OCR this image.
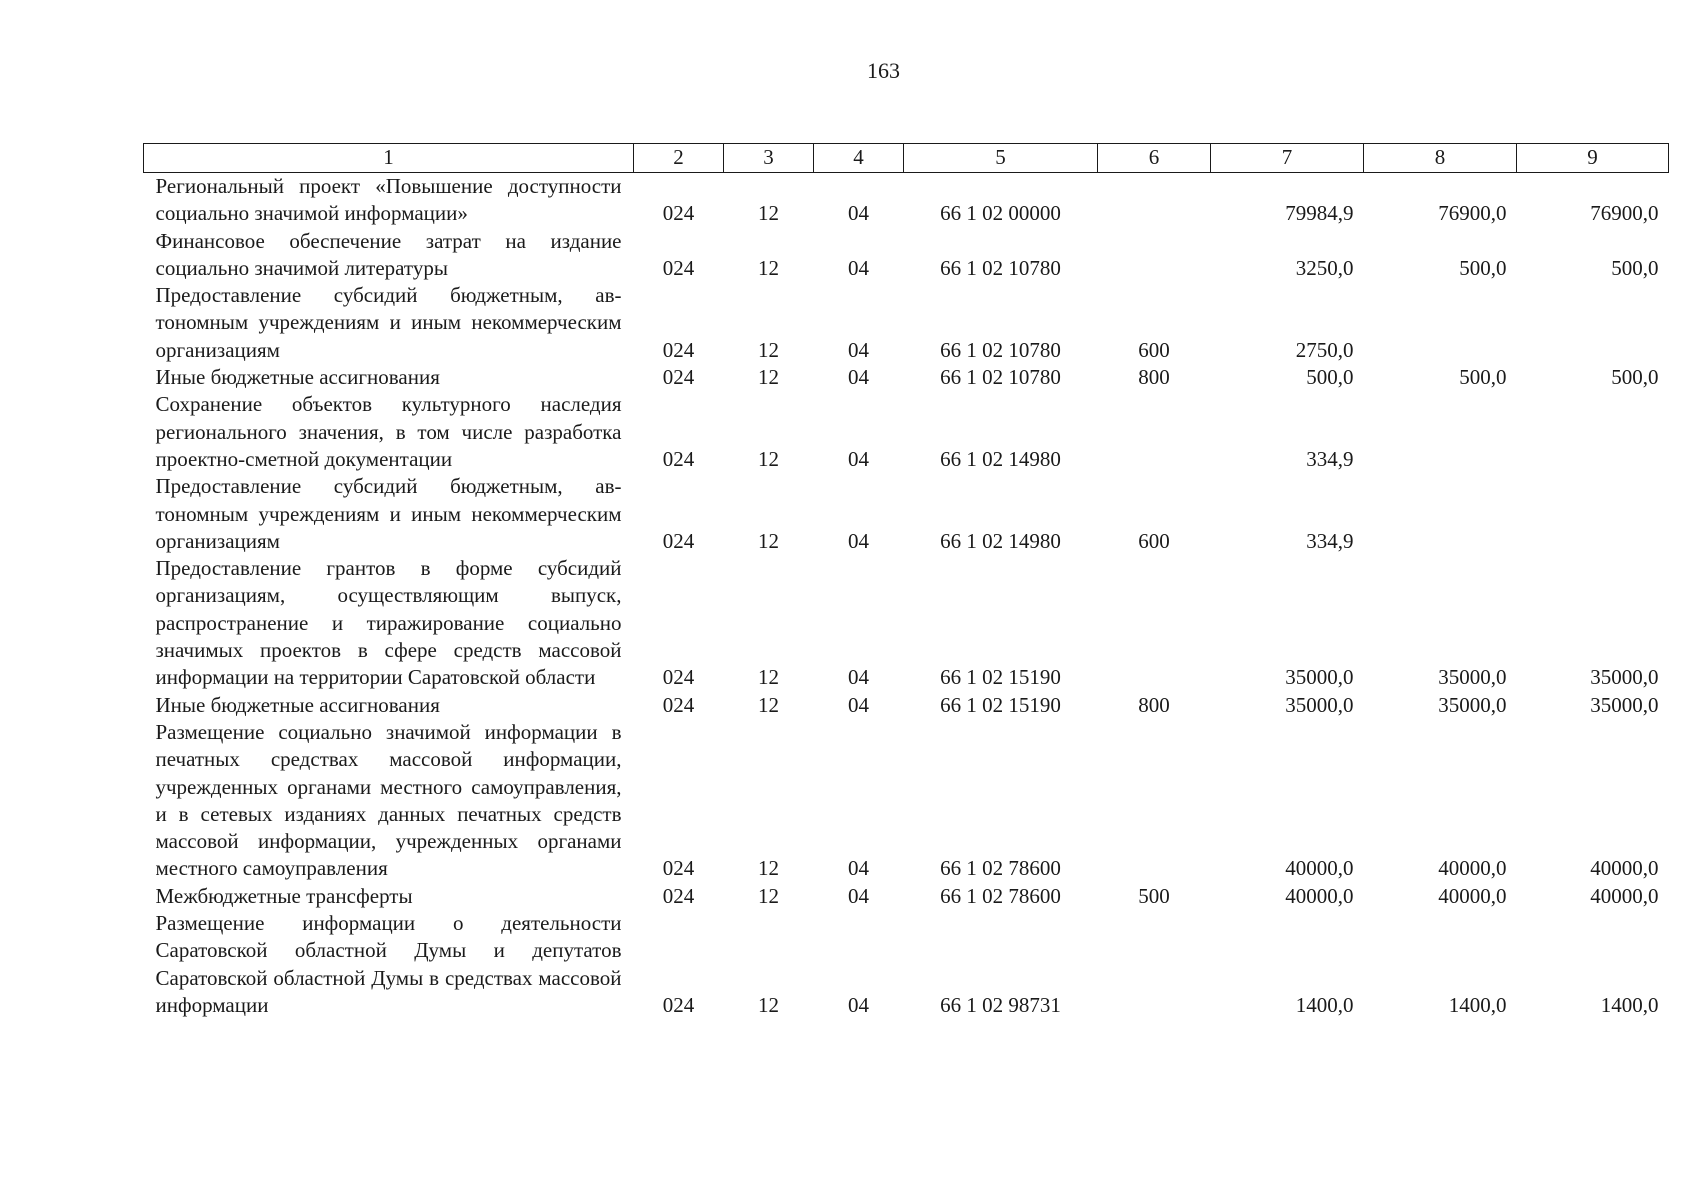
163
1	2	3	4	5	6	7	8	9
Региональный проект «Повышение доступности социально значимой информации»	024	12	04	66 1 02 00000		79984,9	76900,0	76900,0
Финансовое обеспечение затрат на издание социально значимой литературы	024	12	04	66 1 02 10780		3250,0	500,0	500,0
Предоставление субсидий бюджетным, автономным учреждениям и иным некоммерческим организациям	024	12	04	66 1 02 10780	600	2750,0		
Иные бюджетные ассигнования	024	12	04	66 1 02 10780	800	500,0	500,0	500,0
Сохранение объектов культурного наследия регионального значения, в том числе разработка проектно-сметной документации	024	12	04	66 1 02 14980		334,9		
Предоставление субсидий бюджетным, автономным учреждениям и иным некоммерческим организациям	024	12	04	66 1 02 14980	600	334,9		
Предоставление грантов в форме субсидий организациям, осуществляющим выпуск, распространение и тиражирование социально значимых проектов в сфере средств массовой информации на территории Саратовской области	024	12	04	66 1 02 15190		35000,0	35000,0	35000,0
Иные бюджетные ассигнования	024	12	04	66 1 02 15190	800	35000,0	35000,0	35000,0
Размещение социально значимой информации в печатных средствах массовой информации, учрежденных органами местного самоуправления, и в сетевых изданиях данных печатных средств массовой информации, учрежденных органами местного самоуправления	024	12	04	66 1 02 78600		40000,0	40000,0	40000,0
Межбюджетные трансферты	024	12	04	66 1 02 78600	500	40000,0	40000,0	40000,0
Размещение информации о деятельности Саратовской областной Думы и депутатов Саратовской областной Думы в средствах массовой информации	024	12	04	66 1 02 98731		1400,0	1400,0	1400,0
